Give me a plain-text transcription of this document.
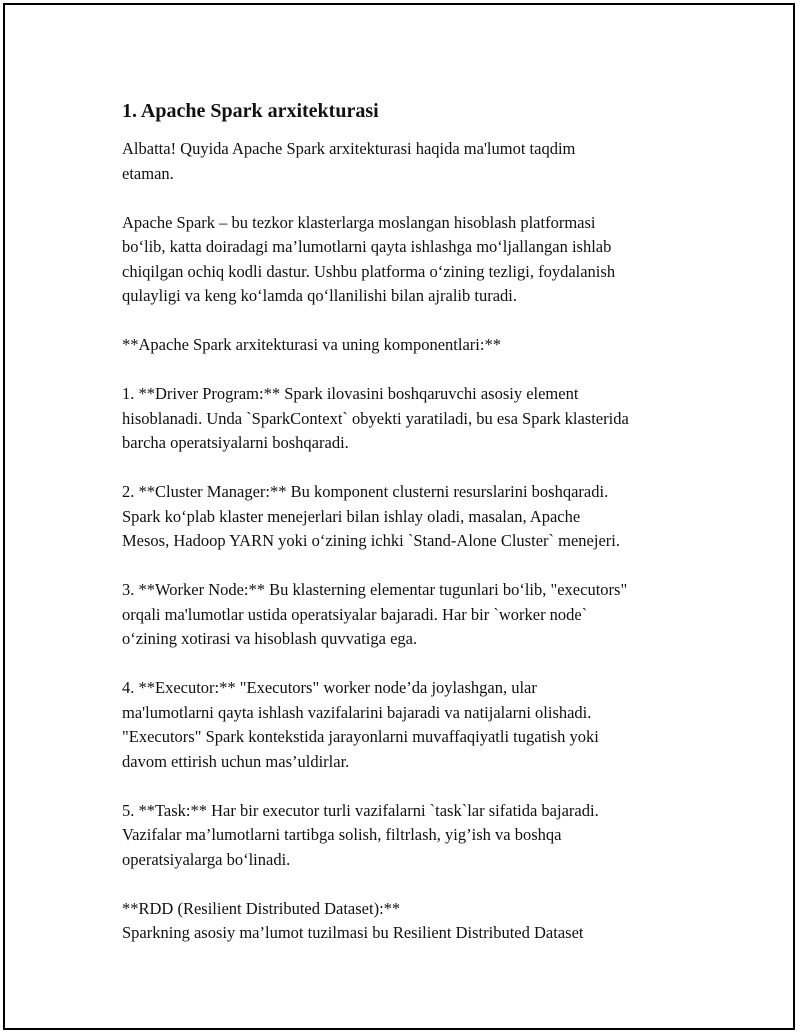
1. Apache Spark arxitekturasi

Albatta! Quyida Apache Spark arxitekturasi haqida ma'lumot taqdim
etaman.

Apache Spark – bu tezkor klasterlarga moslangan hisoblash platformasi
bo‘lib, katta doiradagi ma’lumotlarni qayta ishlashga mo‘ljallangan ishlab
chiqilgan ochiq kodli dastur. Ushbu platforma o‘zining tezligi, foydalanish
qulayligi va keng ko‘lamda qo‘llanilishi bilan ajralib turadi.

**Apache Spark arxitekturasi va uning komponentlari:**

1. **Driver Program:** Spark ilovasini boshqaruvchi asosiy element
hisoblanadi. Unda `SparkContext` obyekti yaratiladi, bu esa Spark klasterida
barcha operatsiyalarni boshqaradi.

2. **Cluster Manager:** Bu komponent clusterni resurslarini boshqaradi.
Spark ko‘plab klaster menejerlari bilan ishlay oladi, masalan, Apache
Mesos, Hadoop YARN yoki o‘zining ichki `Stand-Alone Cluster` menejeri.

3. **Worker Node:** Bu klasterning elementar tugunlari bo‘lib, "executors"
orqali ma'lumotlar ustida operatsiyalar bajaradi. Har bir `worker node`
o‘zining xotirasi va hisoblash quvvatiga ega.

4. **Executor:** "Executors" worker node’da joylashgan, ular
ma'lumotlarni qayta ishlash vazifalarini bajaradi va natijalarni olishadi.
"Executors" Spark kontekstida jarayonlarni muvaffaqiyatli tugatish yoki
davom ettirish uchun mas’uldirlar.

5. **Task:** Har bir executor turli vazifalarni `task`lar sifatida bajaradi.
Vazifalar ma’lumotlarni tartibga solish, filtrlash, yig’ish va boshqa
operatsiyalarga bo‘linadi.

**RDD (Resilient Distributed Dataset):**
Sparkning asosiy ma’lumot tuzilmasi bu Resilient Distributed Dataset
